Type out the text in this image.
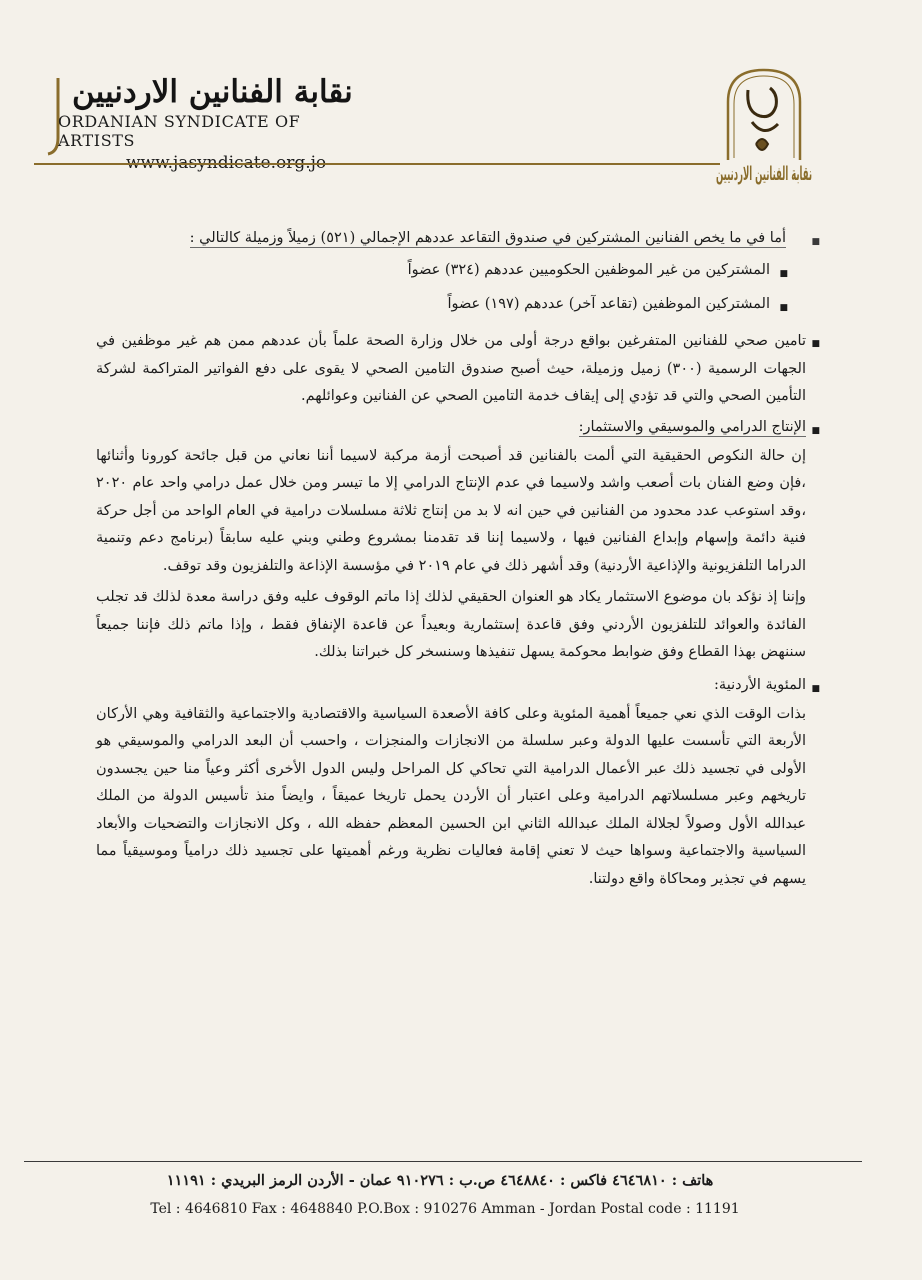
نقابة الفنانين الاردنيين
ORDANIAN SYNDICATE OF ARTISTS
www.jasyndicate.org.jo	نقابة الفنانين الاردنيين
■
أما في ما يخص الفنانين المشتركين في صندوق التقاعد عددهم الإجمالي (٥٢١) زميلاً وزميلة كالتالي :
■
المشتركين من غير الموظفين الحكوميين عددهم (٣٢٤) عضواً
■
المشتركين الموظفين (تقاعد آخر) عددهم (١٩٧) عضواً
■

تامين صحي للفنانين المتفرغين بواقع درجة أولى من خلال وزارة الصحة علماً بأن عددهم ممن هم غير موظفين في الجهات الرسمية (٣٠٠) زميل وزميلة، حيث أصبح صندوق التامين الصحي لا يقوى على دفع الفواتير المتراكمة لشركة التأمين الصحي والتي قد تؤدي إلى إيقاف خدمة التامين الصحي عن الفنانين وعوائلهم.

■
الإنتاج الدرامي والموسيقي والاستثمار:

إن حالة النكوص الحقيقية التي ألمت بالفنانين قد أصبحت أزمة مركبة لاسيما أننا نعاني من قبل جائحة كورونا وأثنائها ،فإن وضع الفنان بات أصعب واشد ولاسيما في عدم الإنتاج الدرامي إلا ما تيسر ومن خلال عمل درامي واحد عام ٢٠٢٠ ،وقد استوعب عدد محدود من الفنانين في حين انه لا بد من إنتاج ثلاثة مسلسلات درامية في العام الواحد من أجل حركة فنية دائمة وإسهام وإبداع الفنانين فيها ، ولاسيما إننا قد تقدمنا بمشروع وطني وبني عليه سابقاً (برنامج دعم وتنمية الدراما التلفزيونية والإذاعية الأردنية) وقد أشهر ذلك في عام ٢٠١٩ في مؤسسة الإذاعة والتلفزيون وقد توقف.

وإننا إذ نؤكد بان موضوع الاستثمار يكاد هو العنوان الحقيقي لذلك إذا ماتم الوقوف عليه وفق دراسة معدة لذلك قد تجلب الفائدة والعوائد للتلفزيون الأردني وفق قاعدة إستثمارية وبعيداً عن قاعدة الإنفاق فقط ، وإذا ماتم ذلك فإننا جميعاً سننهض بهذا القطاع وفق ضوابط محوكمة يسهل تنفيذها وسنسخر كل خبراتنا بذلك.

■
المئوية الأردنية:

بذات الوقت الذي نعي جميعاً أهمية المئوية وعلى كافة الأصعدة السياسية والاقتصادية والاجتماعية والثقافية وهي الأركان الأربعة التي تأسست عليها الدولة وعبر سلسلة من الانجازات والمنجزات ، واحسب أن البعد الدرامي والموسيقي هو الأولى في تجسيد ذلك عبر الأعمال الدرامية التي تحاكي كل المراحل وليس الدول الأخرى أكثر وعياً منا حين يجسدون تاريخهم وعبر مسلسلاتهم الدرامية وعلى اعتبار أن الأردن يحمل تاريخا عميقاً ، وايضاً منذ تأسيس الدولة من الملك عبدالله الأول وصولاً لجلالة الملك عبدالله الثاني ابن الحسين المعظم حفظه الله ، وكل الانجازات والتضحيات والأبعاد السياسية والاجتماعية وسواها حيث لا تعني إقامة فعاليات نظرية ورغم أهميتها على تجسيد ذلك درامياً وموسيقياً مما يسهم في تجذير ومحاكاة واقع دولتنا.

هاتف : ٤٦٤٦٨١٠ فاكس : ٤٦٤٨٨٤٠ ص.ب : ٩١٠٢٧٦ عمان - الأردن الرمز البريدي : ١١١٩١
Tel : 4646810 Fax : 4648840 P.O.Box : 910276 Amman - Jordan Postal code : 11191
